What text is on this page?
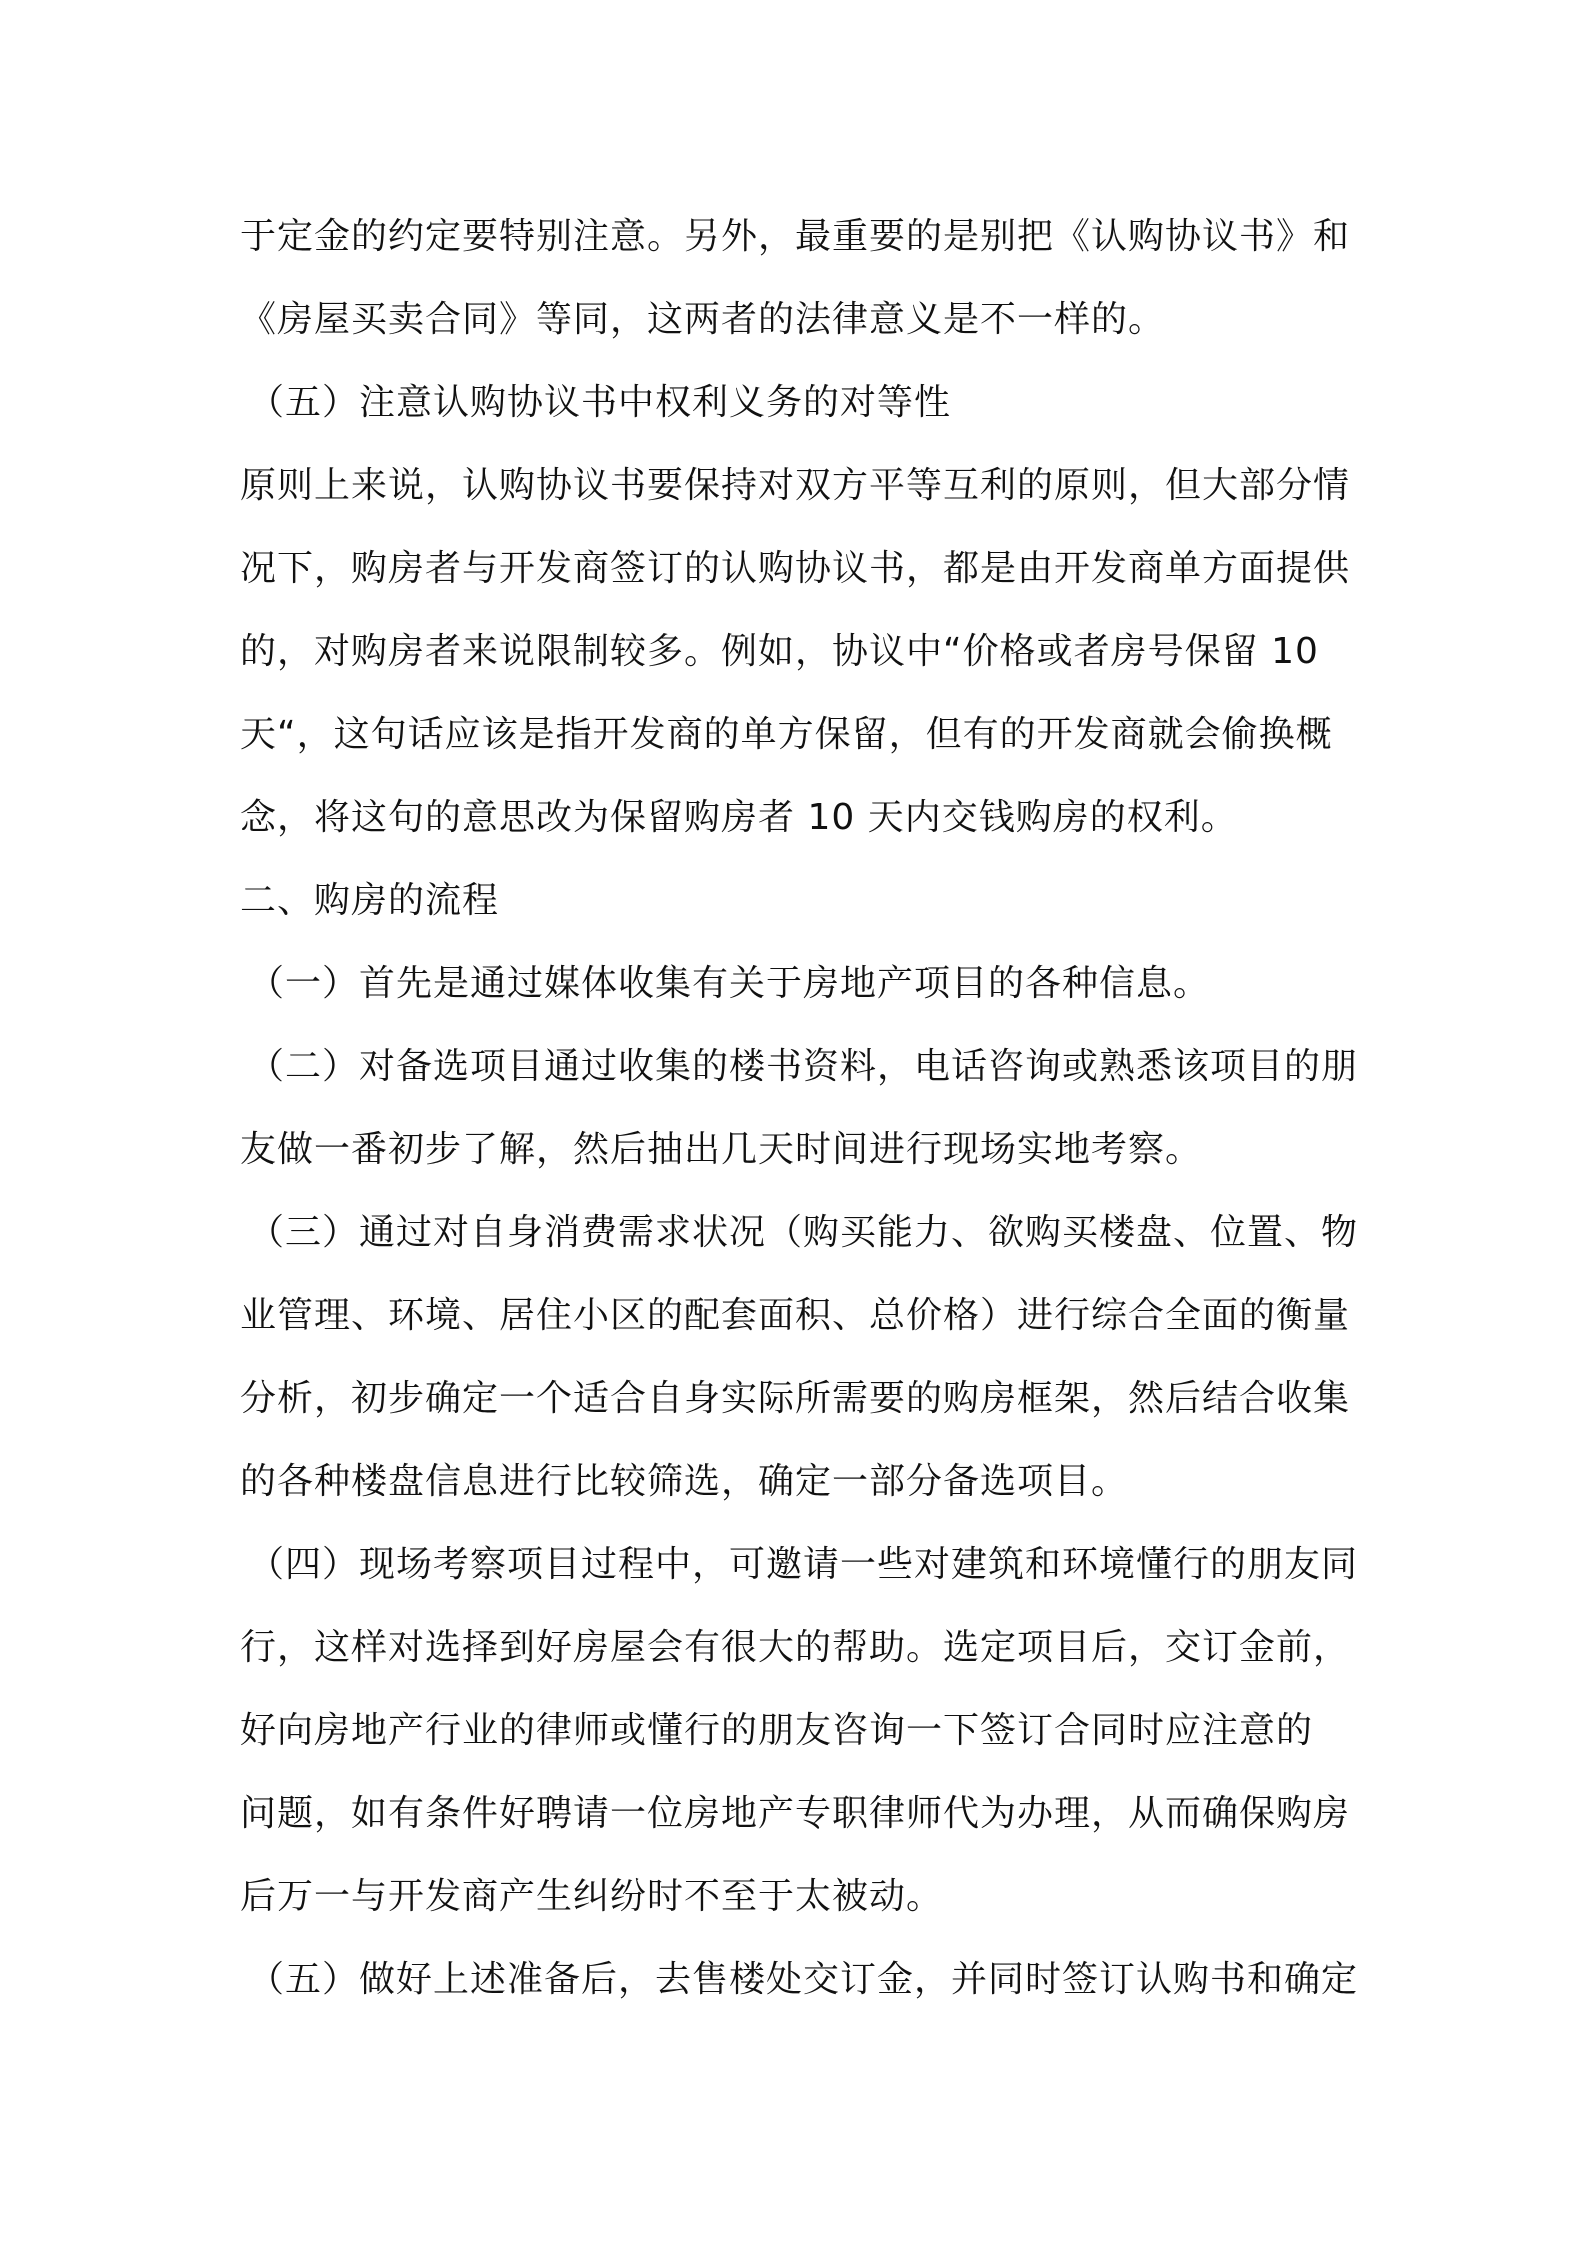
于定金的约定要特别注意。另外，最重要的是别把《认购协议书》和
《房屋买卖合同》等同，这两者的法律意义是不一样的。
（五）注意认购协议书中权利义务的对等性
原则上来说，认购协议书要保持对双方平等互利的原则，但大部分情
况下，购房者与开发商签订的认购协议书，都是由开发商单方面提供
的，对购房者来说限制较多。例如，协议中“价格或者房号保留 10
天“，这句话应该是指开发商的单方保留，但有的开发商就会偷换概
念，将这句的意思改为保留购房者 10 天内交钱购房的权利。
二、购房的流程
（一）首先是通过媒体收集有关于房地产项目的各种信息。
（二）对备选项目通过收集的楼书资料，电话咨询或熟悉该项目的朋
友做一番初步了解，然后抽出几天时间进行现场实地考察。
（三）通过对自身消费需求状况（购买能力、欲购买楼盘、位置、物
业管理、环境、居住小区的配套面积、总价格）进行综合全面的衡量
分析，初步确定一个适合自身实际所需要的购房框架，然后结合收集
的各种楼盘信息进行比较筛选，确定一部分备选项目。
（四）现场考察项目过程中，可邀请一些对建筑和环境懂行的朋友同
行，这样对选择到好房屋会有很大的帮助。选定项目后，交订金前，
好向房地产行业的律师或懂行的朋友咨询一下签订合同时应注意的
问题，如有条件好聘请一位房地产专职律师代为办理，从而确保购房
后万一与开发商产生纠纷时不至于太被动。
（五）做好上述准备后，去售楼处交订金，并同时签订认购书和确定
